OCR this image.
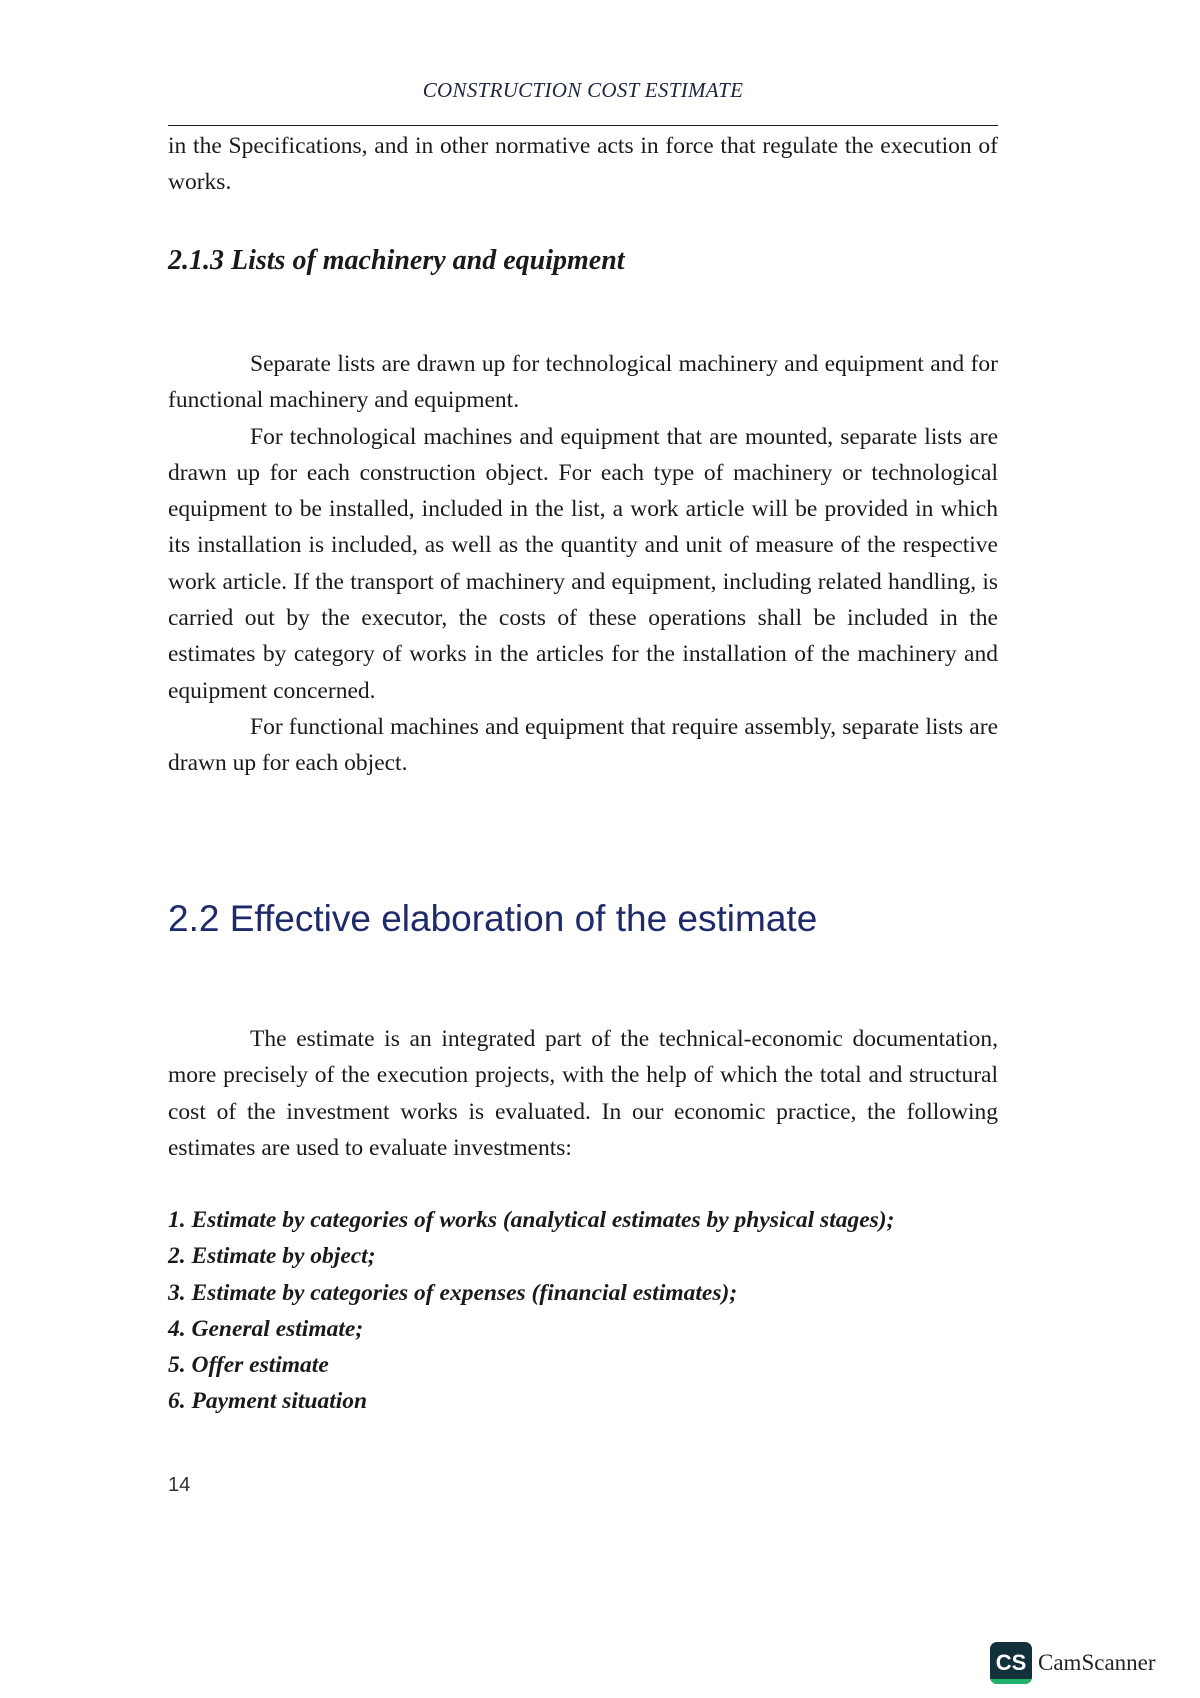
CONSTRUCTION COST ESTIMATE

in the Specifications, and in other normative acts in force that regulate the execution of works.

2.1.3 Lists of machinery and equipment

Separate lists are drawn up for technological machinery and equipment and for functional machinery and equipment.

For technological machines and equipment that are mounted, separate lists are drawn up for each construction object. For each type of machinery or technological equipment to be installed, included in the list, a work article will be provided in which its installation is included, as well as the quantity and unit of measure of the respective work article. If the transport of machinery and equipment, including related handling, is carried out by the executor, the costs of these operations shall be included in the estimates by category of works in the articles for the installation of the machinery and equipment concerned.

For functional machines and equipment that require assembly, separate lists are drawn up for each object.

2.2 Effective elaboration of the estimate

The estimate is an integrated part of the technical-economic documentation, more precisely of the execution projects, with the help of which the total and structural cost of the investment works is evaluated. In our economic practice, the following estimates are used to evaluate investments:

1. Estimate by categories of works (analytical estimates by physical stages);
2. Estimate by object;
3. Estimate by categories of expenses (financial estimates);
4. General estimate;
5. Offer estimate
6. Payment situation
14
CS CamScanner
